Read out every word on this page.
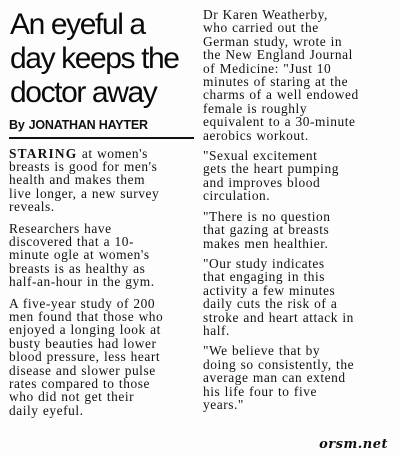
An eyeful a
day keeps the
doctor away
By JONATHAN HAYTER

STARING at women's
breasts is good for men's
health and makes them
live longer, a new survey
reveals.

Researchers have
discovered that a 10-
minute ogle at women's
breasts is as healthy as
half-an-hour in the gym.

A five-year study of 200
men found that those who
enjoyed a longing look at
busty beauties had lower
blood pressure, less heart
disease and slower pulse
rates compared to those
who did not get their
daily eyeful.

Dr Karen Weatherby,
who carried out the
German study, wrote in
the New England Journal
of Medicine: "Just 10
minutes of staring at the
charms of a well endowed
female is roughly
equivalent to a 30-minute
aerobics workout.

"Sexual excitement
gets the heart pumping
and improves blood
circulation.

"There is no question
that gazing at breasts
makes men healthier.

"Our study indicates
that engaging in this
activity a few minutes
daily cuts the risk of a
stroke and heart attack in
half.

"We believe that by
doing so consistently, the
average man can extend
his life four to five
years."

orsm.net
